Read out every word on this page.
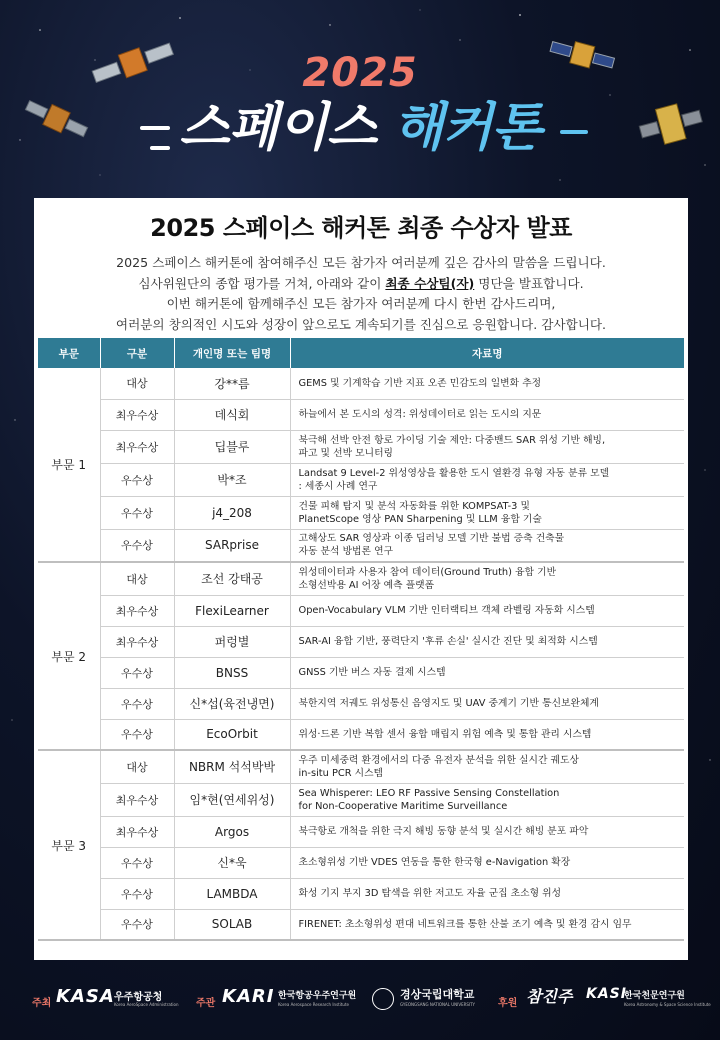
2025
스페이스 해커톤
2025 스페이스 해커톤 최종 수상자 발표
2025 스페이스 해커톤에 참여해주신 모든 참가자 여러분께 깊은 감사의 말씀을 드립니다.
심사위원단의 종합 평가를 거쳐, 아래와 같이 최종 수상팀(자) 명단을 발표합니다.
이번 해커톤에 함께해주신 모든 참가자 여러분께 다시 한번 감사드리며,
여러분의 창의적인 시도와 성장이 앞으로도 계속되기를 진심으로 응원합니다. 감사합니다.
부문	구분	개인명 또는 팀명	자료명
부문 1	대상	강**름	GEMS 및 기계학습 기반 지표 오존 민감도의 일변화 추정

	최우수상	데식회	하늘에서 본 도시의 성격: 위성데이터로 읽는 도시의 지문

	최우수상	딥블루	북극해 선박 안전 항로 가이딩 기술 제안: 다중밴드 SAR 위성 기반 해빙,
파고 및 선박 모니터링

	우수상	박*조	Landsat 9 Level-2 위성영상을 활용한 도시 열환경 유형 자동 분류 모델
: 세종시 사례 연구

	우수상	j4_208	건물 피해 탐지 및 분석 자동화를 위한 KOMPSAT-3 및
PlanetScope 영상 PAN Sharpening 및 LLM 융합 기술

	우수상	SARprise	고해상도 SAR 영상과 이종 딥러닝 모델 기반 불법 증축 건축물
자동 분석 방법론 연구

부문 2	대상	조선 강태공	위성데이터과 사용자 참여 데이터(Ground Truth) 융합 기반
소형선박용 AI 어장 예측 플랫폼

	최우수상	FlexiLearner	Open-Vocabulary VLM 기반 인터랙티브 객체 라벨링 자동화 시스템

	최우수상	퍼렁별	SAR-AI 융합 기반, 풍력단지 '후류 손실' 실시간 진단 및 최적화 시스템

	우수상	BNSS	GNSS 기반 버스 자동 결제 시스템

	우수상	신*섭(육전냉면)	북한지역 저궤도 위성통신 음영지도 및 UAV 중계기 기반 통신보완체계

	우수상	EcoOrbit	위성·드론 기반 복합 센서 융합 매립지 위험 예측 및 통합 관리 시스템

부문 3	대상	NBRM 석석박박	우주 미세중력 환경에서의 다중 유전자 분석을 위한 실시간 궤도상
in-situ PCR 시스템

	최우수상	임*현(연세위성)	Sea Whisperer: LEO RF Passive Sensing Constellation
for Non-Cooperative Maritime Surveillance

	최우수상	Argos	북극항로 개척을 위한 극지 해빙 동향 분석 및 실시간 해빙 분포 파악

	우수상	신*욱	초소형위성 기반 VDES 연동을 통한 한국형 e-Navigation 확장

	우수상	LAMBDA	화성 기지 부지 3D 탐색을 위한 저고도 자율 군집 초소형 위성

	우수상	SOLAB	FIRENET: 초소형위성 편대 네트워크를 통한 산불 조기 예측 및 환경 감시 임무
주최 KASA 우주항공청
Korea AeroSpace Administration 주관 KARI 한국항공우주연구원
Korea Aerospace Research Institute
경상국립대학교
GYEONGSANG NATIONAL UNIVERSITY 후원 참진주 KASI
한국천문연구원
Korea Astronomy & Space Science Institute
